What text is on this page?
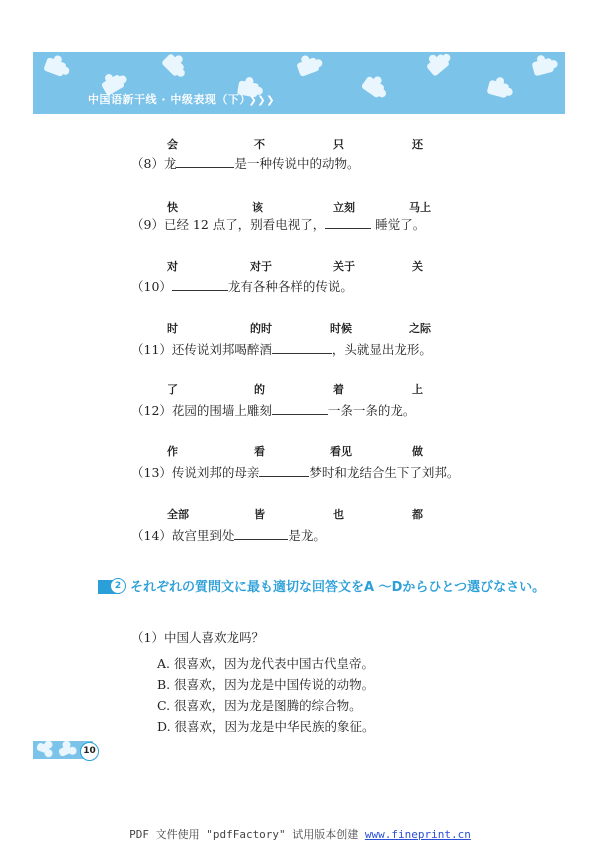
中国语新干线 · 中级表现（下） ❯❯❯
会	不	只	还
（8）龙	是一种传说中的动物。
快	该	立刻	马上
（9）已经 12 点了，别看电视了，	睡觉了。
对	对于	关于	关
（10）	龙有各种各样的传说。
时	的时	时候	之际
（11）还传说刘邦喝醉酒	，头就显出龙形。
了	的	着	上
（12）花园的围墙上雕刻	一条一条的龙。
作	看	看见	做
（13）传说刘邦的母亲	梦时和龙结合生下了刘邦。
全部	皆	也	都
（14）故宫里到处	是龙。
2 それぞれの質問文に最も適切な回答文をA ～Dからひとつ選びなさい。
（1）中国人喜欢龙吗？
A. 很喜欢，因为龙代表中国古代皇帝。
B. 很喜欢，因为龙是中国传说的动物。
C. 很喜欢，因为龙是图腾的综合物。
D. 很喜欢，因为龙是中华民族的象征。
10
PDF 文件使用 "pdfFactory" 试用版本创建 www.fineprint.cn
